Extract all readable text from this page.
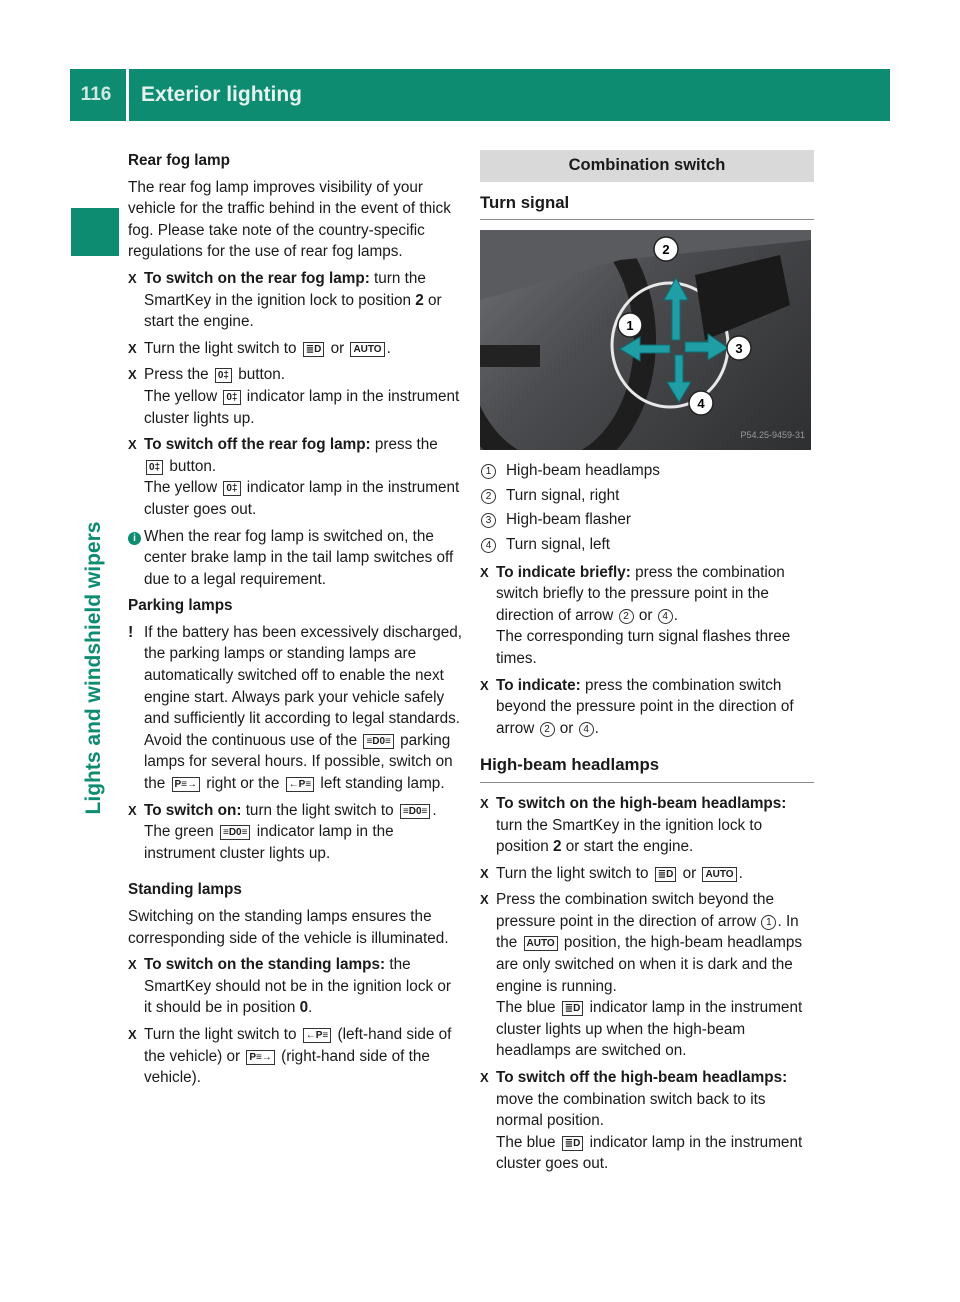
116	Exterior lighting
Lights and windshield wipers

Rear fog lamp

The rear fog lamp improves visibility of your vehicle for the traffic behind in the event of thick fog. Please take note of the country-specific regulations for the use of rear fog lamps.

X To switch on the rear fog lamp: turn the SmartKey in the ignition lock to position 2 or start the engine.

X Turn the light switch to ≣D or AUTO .

X Press the 0‡ button.
The yellow 0‡ indicator lamp in the instrument cluster lights up.

X To switch off the rear fog lamp: press the 0‡ button.
The yellow 0‡ indicator lamp in the instrument cluster goes out.

i When the rear fog lamp is switched on, the center brake lamp in the tail lamp switches off due to a legal requirement.

Parking lamps

! If the battery has been excessively discharged, the parking lamps or standing lamps are automatically switched off to enable the next engine start. Always park your vehicle safely and sufficiently lit according to legal standards. Avoid the continuous use of the ≡D0≡ parking lamps for several hours. If possible, switch on the P≡→ right or the ←P≡ left standing lamp.

X To switch on: turn the light switch to ≡D0≡ .
The green ≡D0≡ indicator lamp in the instrument cluster lights up.

Standing lamps

Switching on the standing lamps ensures the corresponding side of the vehicle is illuminated.

X To switch on the standing lamps: the SmartKey should not be in the ignition lock or it should be in position 0.

X Turn the light switch to ←P≡ (left-hand side of the vehicle) or P≡→ (right-hand side of the vehicle).

Combination switch

Turn signal

1
2
3
4
P54.25-9459-31

1 High-beam headlamps

2 Turn signal, right

3 High-beam flasher

4 Turn signal, left

X To indicate briefly: press the combination switch briefly to the pressure point in the direction of arrow 2 or 4 .
The corresponding turn signal flashes three times.

X To indicate: press the combination switch beyond the pressure point in the direction of arrow 2 or 4 .

High-beam headlamps

X To switch on the high-beam headlamps: turn the SmartKey in the ignition lock to position 2 or start the engine.

X Turn the light switch to ≣D or AUTO .

X Press the combination switch beyond the pressure point in the direction of arrow 1 . In the AUTO position, the high-beam headlamps are only switched on when it is dark and the engine is running.
The blue ≣D indicator lamp in the instrument cluster lights up when the high-beam headlamps are switched on.

X To switch off the high-beam headlamps: move the combination switch back to its normal position.
The blue ≣D indicator lamp in the instrument cluster goes out.
